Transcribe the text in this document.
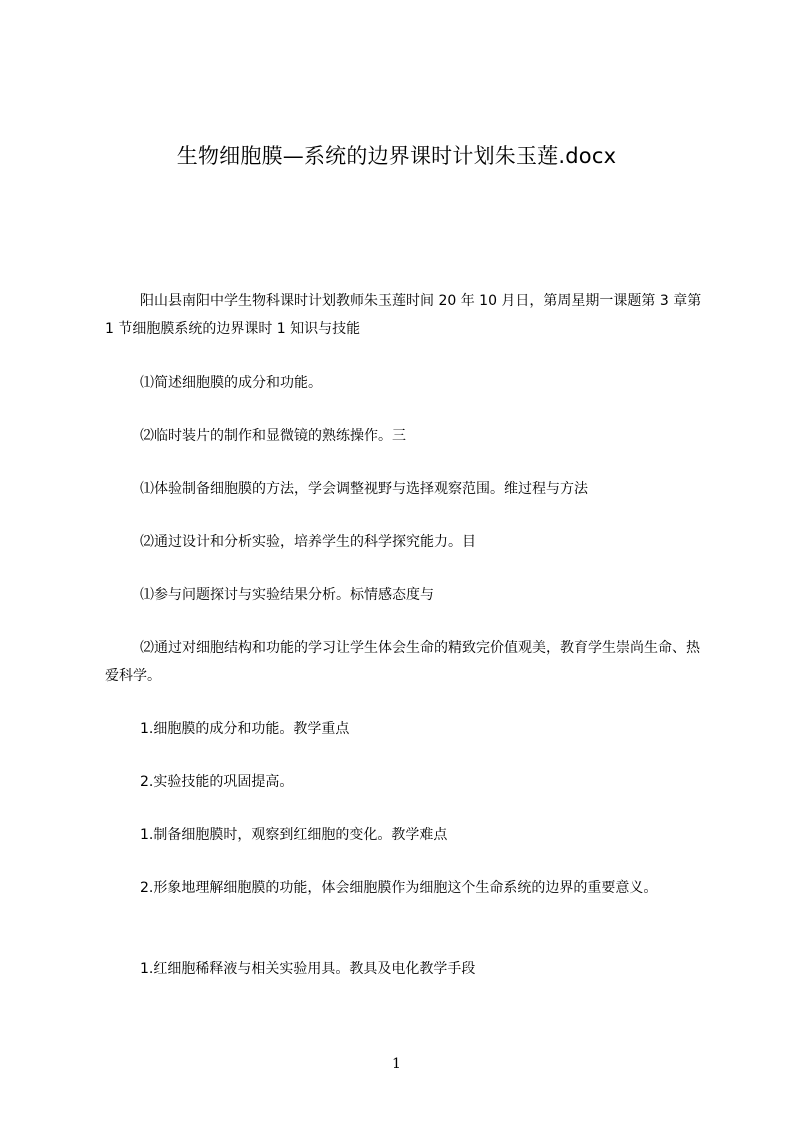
生物细胞膜—系统的边界课时计划朱玉莲.docx

阳山县南阳中学生物科课时计划教师朱玉莲时间 20 年 10 月日，第周星期一课题第 3 章第 1 节细胞膜系统的边界课时 1 知识与技能

⑴简述细胞膜的成分和功能。

⑵临时装片的制作和显微镜的熟练操作。三

⑴体验制备细胞膜的方法，学会调整视野与选择观察范围。维过程与方法

⑵通过设计和分析实验，培养学生的科学探究能力。目

⑴参与问题探讨与实验结果分析。标情感态度与

⑵通过对细胞结构和功能的学习让学生体会生命的精致完价值观美，教育学生崇尚生命、热爱科学。

1.细胞膜的成分和功能。教学重点

2.实验技能的巩固提高。

1.制备细胞膜时，观察到红细胞的变化。教学难点

2.形象地理解细胞膜的功能，体会细胞膜作为细胞这个生命系统的边界的重要意义。

1.红细胞稀释液与相关实验用具。教具及电化教学手段

1
